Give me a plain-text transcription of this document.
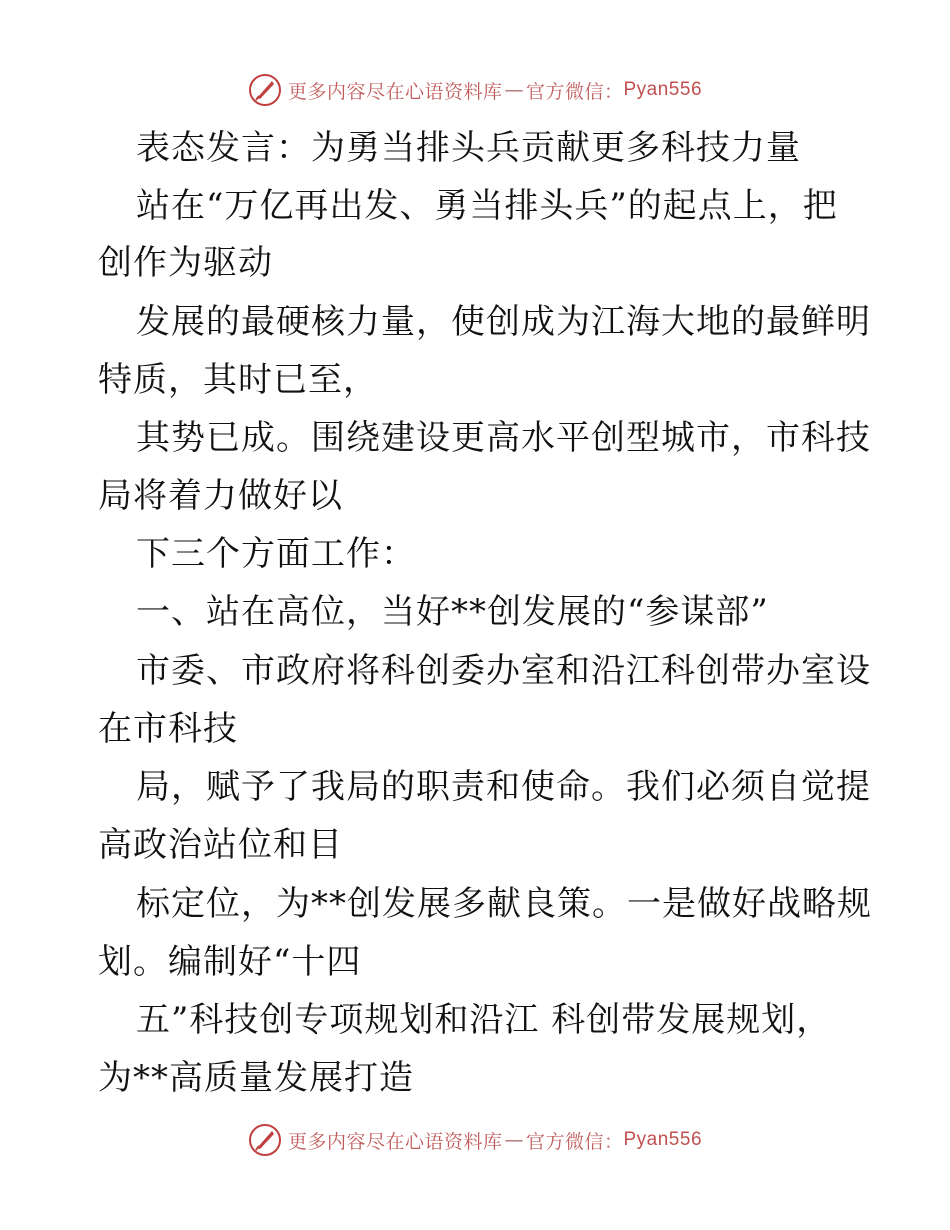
更多内容尽在心语资料库 — 官方微信： Pyan556
表态发言：为勇当排头兵贡献更多科技力量
站在“万亿再出发、勇当排头兵”的起点上，把
创作为驱动
发展的最硬核力量，使创成为江海大地的最鲜明
特质，其时已至，
其势已成。围绕建设更高水平创型城市，市科技
局将着力做好以
下三个方面工作：
一、站在高位，当好**创发展的“参谋部”
市委、市政府将科创委办室和沿江科创带办室设
在市科技
局，赋予了我局的职责和使命。我们必须自觉提
高政治站位和目
标定位，为**创发展多献良策。一是做好战略规
划。编制好“十四
五”科技创专项规划和沿江 科创带发展规划，
为**高质量发展打造
更多内容尽在心语资料库 — 官方微信： Pyan556
